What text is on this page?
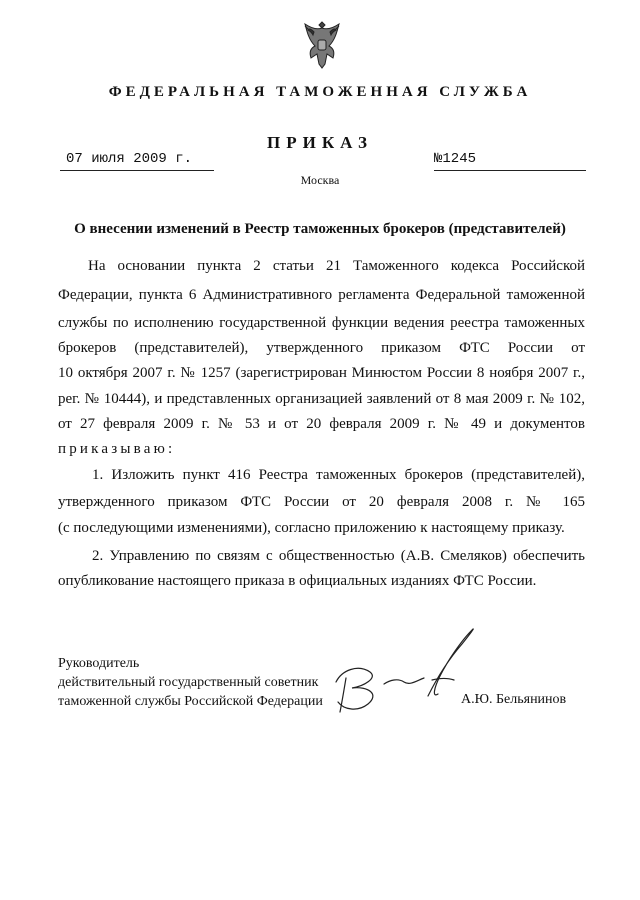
ФЕДЕРАЛЬНАЯ ТАМОЖЕННАЯ СЛУЖБА
ПРИКАЗ
07 июля 2009 г.	№1245
Москва
О внесении изменений в Реестр таможенных брокеров (представителей)
На основании пункта 2 статьи 21 Таможенного кодекса Российской
Федерации, пункта 6 Административного регламента Федеральной таможенной
службы по исполнению государственной функции ведения реестра таможенных
брокеров (представителей), утвержденного приказом ФТС России от
10 октября 2007 г. № 1257 (зарегистрирован Минюстом России 8 ноября 2007 г.,
рег. № 10444), и представленных организацией заявлений от 8 мая 2009 г. № 102,
от 27 февраля 2009 г. № 53 и от 20 февраля 2009 г. № 49 и документов
приказываю:
1. Изложить пункт 416 Реестра таможенных брокеров (представителей),
утвержденного приказом ФТС России от 20 февраля 2008 г. № 165
(с последующими изменениями), согласно приложению к настоящему приказу.
2. Управлению по связям с общественностью (А.В. Смеляков) обеспечить
опубликование настоящего приказа в официальных изданиях ФТС России.
Руководитель
действительный государственный советник
таможенной службы Российской Федерации	А.Ю. Бельянинов
